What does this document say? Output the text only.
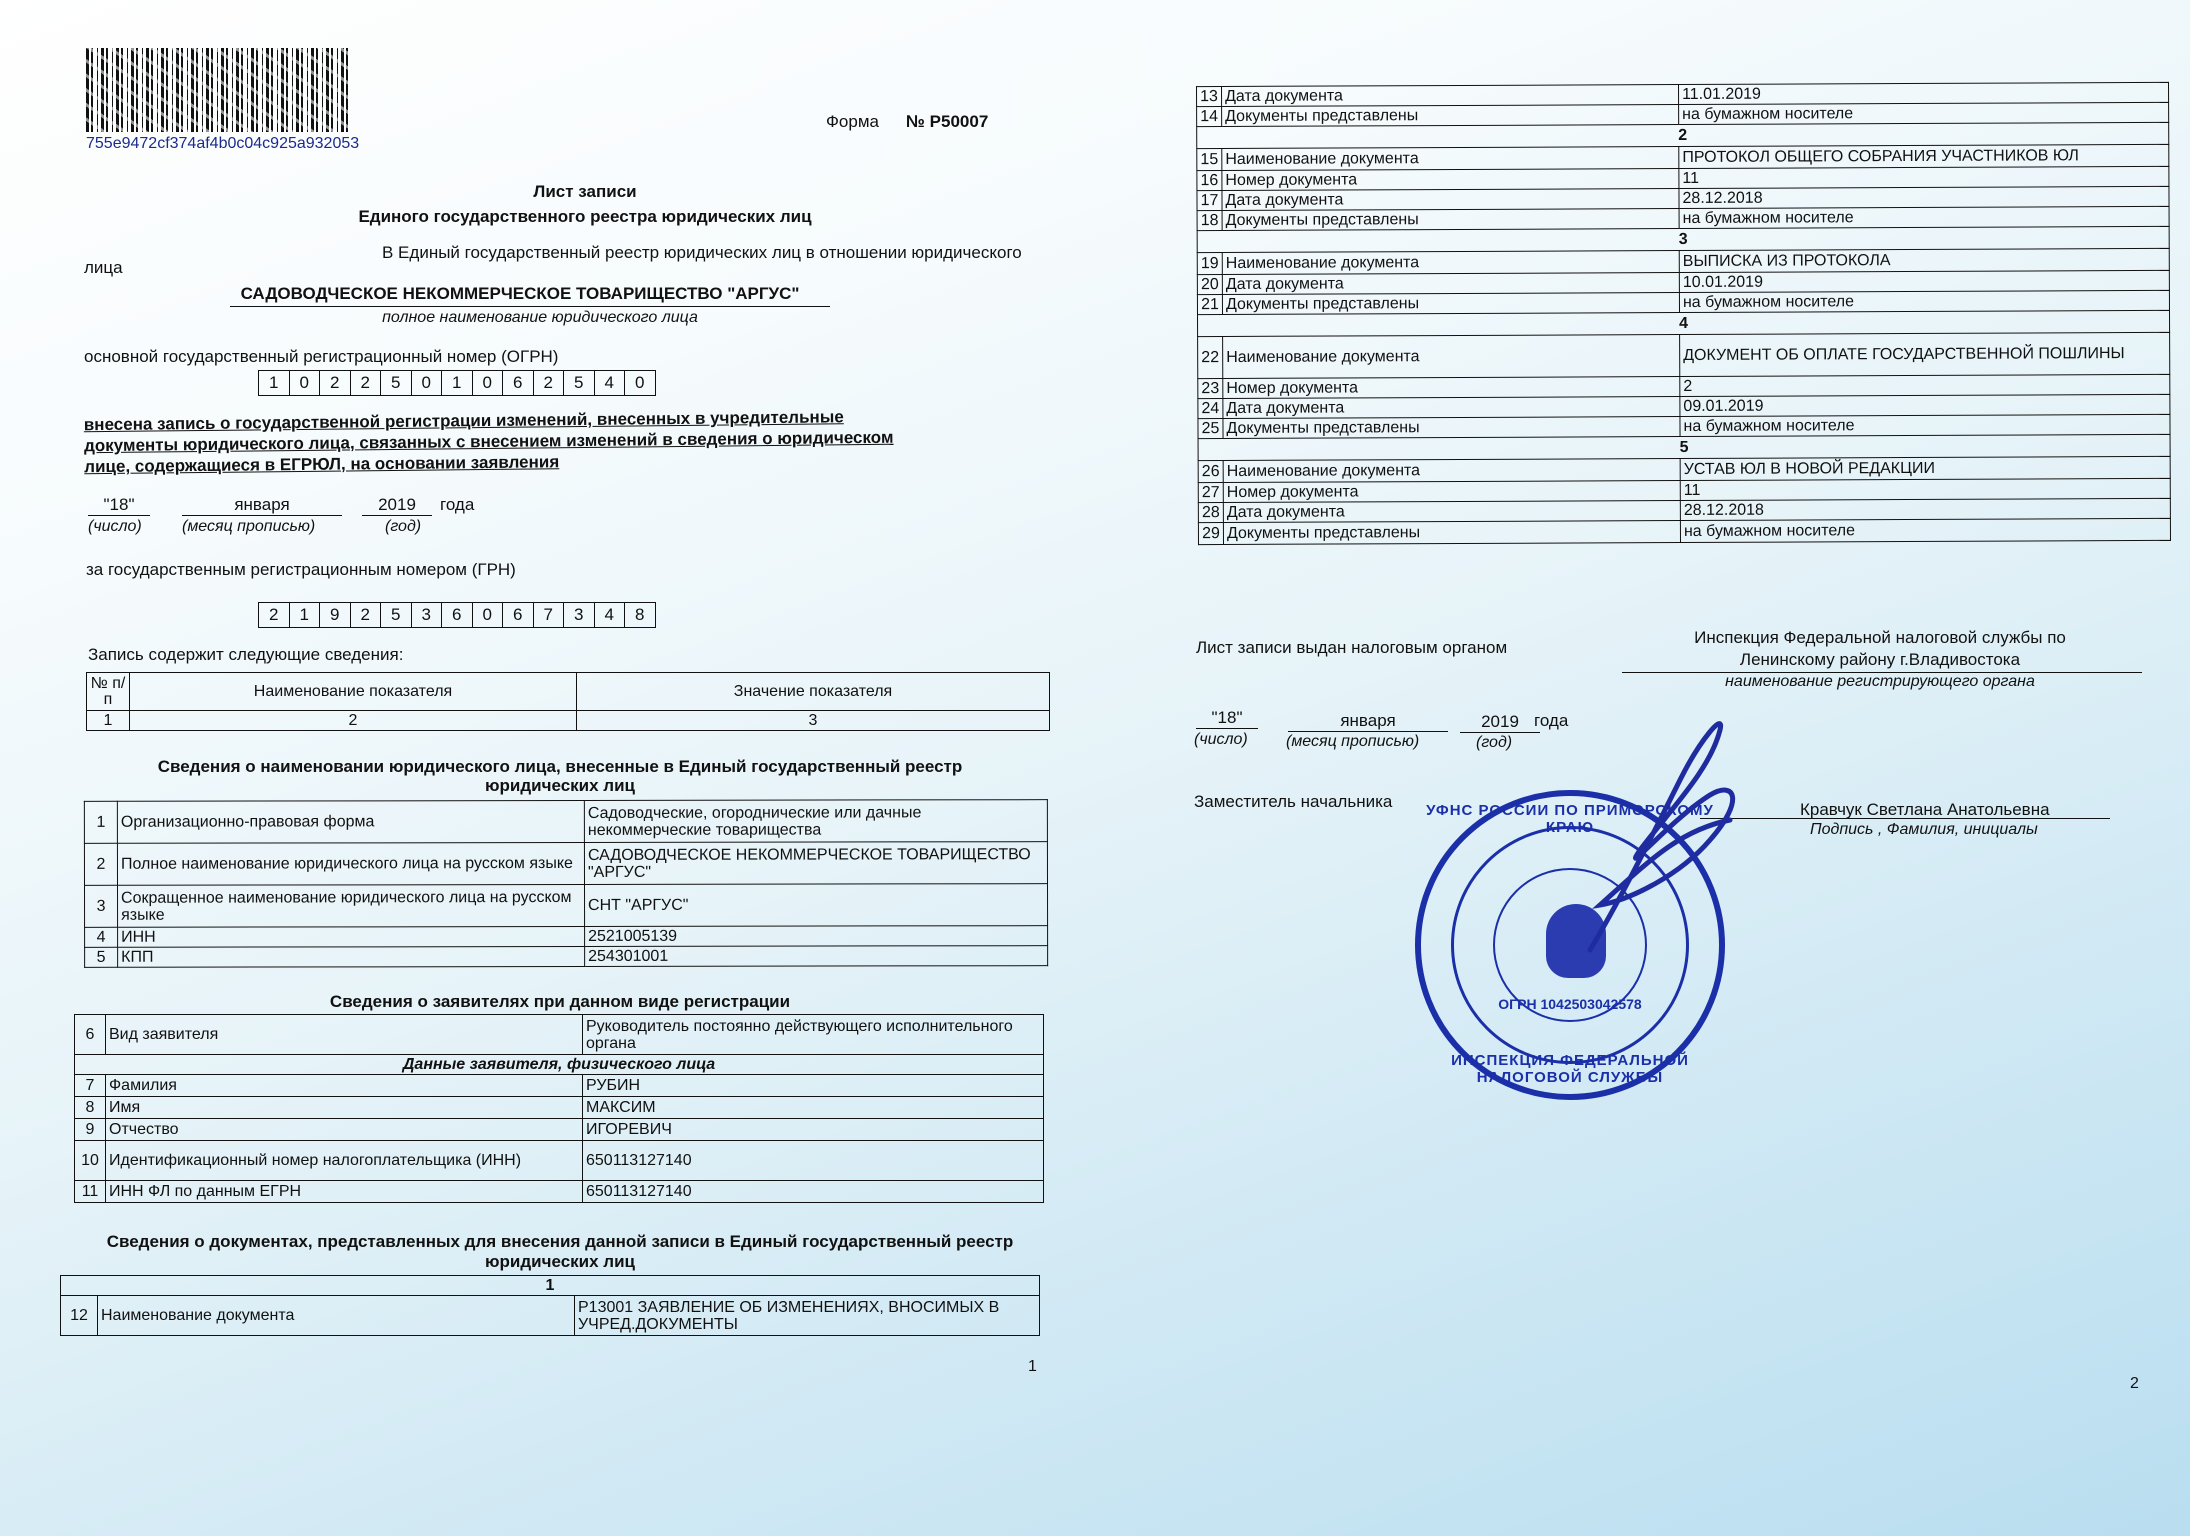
755e9472cf374af4b0c04c925a932053
Форма № Р50007
Лист записи
Единого государственного реестра юридических лиц
В Единый государственный реестр юридических лиц в отношении юридического
лица
САДОВОДЧЕСКОЕ НЕКОММЕРЧЕСКОЕ ТОВАРИЩЕСТВО "АРГУС"
полное наименование юридического лица
основной государственный регистрационный номер (ОГРН)
1	0	2	2	5	0	1	0	6	2	5	4	0
внесена запись о государственной регистрации изменений, внесенных в учредительные
документы юридического лица, связанных с внесением изменений в сведения о юридическом
лице, содержащиеся в ЕГРЮЛ, на основании заявления
"18"	января	2019	года
(число)	(месяц прописью)	(год)
за государственным регистрационным номером (ГРН)
2	1	9	2	5	3	6	0	6	7	3	4	8
Запись содержит следующие сведения:
№ п/п	Наименование показателя	Значение показателя
1	2	3
Сведения о наименовании юридического лица, внесенные в Единый государственный реестр юридических лиц
1	Организационно-правовая форма	Садоводческие, огороднические или дачные некоммерческие товарищества
2	Полное наименование юридического лица на русском языке	САДОВОДЧЕСКОЕ НЕКОММЕРЧЕСКОЕ ТОВАРИЩЕСТВО "АРГУС"
3	Сокращенное наименование юридического лица на русском языке	СНТ "АРГУС"
4	ИНН	2521005139
5	КПП	254301001
Сведения о заявителях при данном виде регистрации
6	Вид заявителя	Руководитель постоянно действующего исполнительного органа
Данные заявителя, физического лица		
7	Фамилия	РУБИН
8	Имя	МАКСИМ
9	Отчество	ИГОРЕВИЧ
10	Идентификационный номер налогоплательщика (ИНН)	650113127140
11	ИНН ФЛ по данным ЕГРН	650113127140
Сведения о документах, представленных для внесения данной записи в Единый государственный реестр юридических лиц
1
12	Наименование документа	Р13001 ЗАЯВЛЕНИЕ ОБ ИЗМЕНЕНИЯХ, ВНОСИМЫХ В УЧРЕД.ДОКУМЕНТЫ
1
13	Дата документа	11.01.2019
14	Документы представлены	на бумажном носителе
2		
15	Наименование документа	ПРОТОКОЛ ОБЩЕГО СОБРАНИЯ УЧАСТНИКОВ ЮЛ
16	Номер документа	11
17	Дата документа	28.12.2018
18	Документы представлены	на бумажном носителе
3		
19	Наименование документа	ВЫПИСКА ИЗ ПРОТОКОЛА
20	Дата документа	10.01.2019
21	Документы представлены	на бумажном носителе
4		
22	Наименование документа	ДОКУМЕНТ ОБ ОПЛАТЕ ГОСУДАРСТВЕННОЙ ПОШЛИНЫ
23	Номер документа	2
24	Дата документа	09.01.2019
25	Документы представлены	на бумажном носителе
5		
26	Наименование документа	УСТАВ ЮЛ В НОВОЙ РЕДАКЦИИ
27	Номер документа	11
28	Дата документа	28.12.2018
29	Документы представлены	на бумажном носителе
Лист записи выдан налоговым органом
Инспекция Федеральной налоговой службы по
Ленинскому району г.Владивостока
наименование регистрирующего органа
"18"	января	2019 года
(число) (месяц прописью)	(год)
Заместитель начальника	Кравчук Светлана Анатольевна
Подпись , Фамилия, инициалы
2
УФНС РОССИИ ПО ПРИМОРСКОМУ КРАЮ
ОГРН 1042503042578
ИНСПЕКЦИЯ ФЕДЕРАЛЬНОЙ НАЛОГОВОЙ СЛУЖБЫ
